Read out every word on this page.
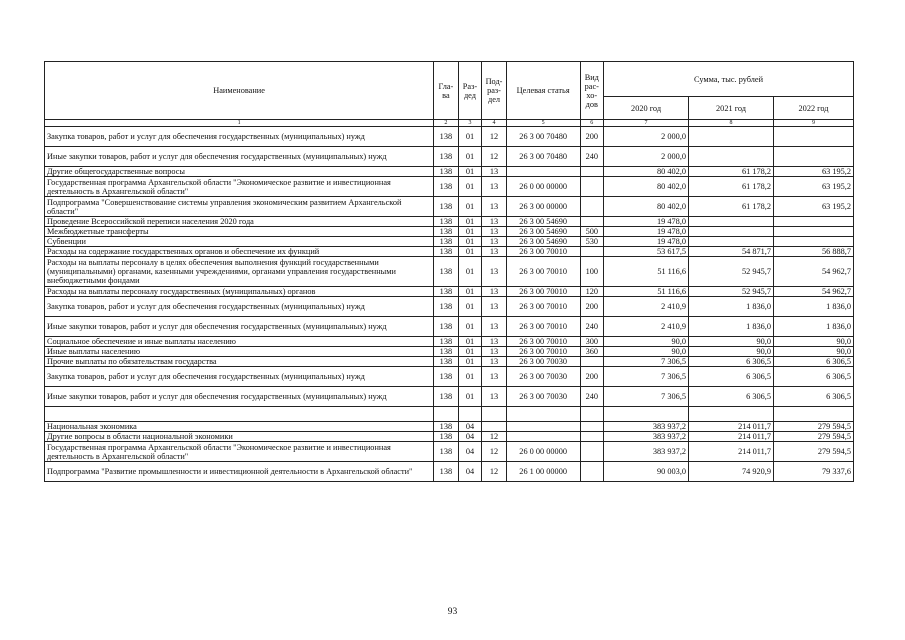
Наименование	Гла-ва	Раз-дед	Под-раз-дел	Целевая статья	Вид рас-хо-дов	Сумма, тыс. рублей		
						2020 год	2021 год	2022 год
1	2	3	4	5	6	7	8	9
Закупка товаров, работ и услуг для обеспечения государственных (муниципальных) нужд	138	01	12	26 3 00 70480	200	2 000,0		
Иные закупки товаров, работ и услуг для обеспечения государственных (муниципальных) нужд	138	01	12	26 3 00 70480	240	2 000,0		
Другие общегосударственные вопросы	138	01	13			80 402,0	61 178,2	63 195,2
Государственная программа Архангельской области "Экономическое развитие и инвестиционная деятельность в Архангельской области"	138	01	13	26 0 00 00000		80 402,0	61 178,2	63 195,2
Подпрограмма "Совершенствование системы управления экономическим развитием Архангельской области"	138	01	13	26 3 00 00000		80 402,0	61 178,2	63 195,2
Проведение Всероссийской переписи населения 2020 года	138	01	13	26 3 00 54690		19 478,0		
Межбюджетные трансферты	138	01	13	26 3 00 54690	500	19 478,0		
Субвенции	138	01	13	26 3 00 54690	530	19 478,0		
Расходы на содержание государственных органов и обеспечение их функций	138	01	13	26 3 00 70010		53 617,5	54 871,7	56 888,7
Расходы на выплаты персоналу в целях обеспечения выполнения функций государственными (муниципальными) органами, казенными учреждениями, органами управления государственными внебюджетными фондами	138	01	13	26 3 00 70010	100	51 116,6	52 945,7	54 962,7
Расходы на выплаты персоналу государственных (муниципальных) органов	138	01	13	26 3 00 70010	120	51 116,6	52 945,7	54 962,7
Закупка товаров, работ и услуг для обеспечения государственных (муниципальных) нужд	138	01	13	26 3 00 70010	200	2 410,9	1 836,0	1 836,0
Иные закупки товаров, работ и услуг для обеспечения государственных (муниципальных) нужд	138	01	13	26 3 00 70010	240	2 410,9	1 836,0	1 836,0
Социальное обеспечение и иные выплаты населению	138	01	13	26 3 00 70010	300	90,0	90,0	90,0
Иные выплаты населению	138	01	13	26 3 00 70010	360	90,0	90,0	90,0
Прочие выплаты по обязательствам государства	138	01	13	26 3 00 70030		7 306,5	6 306,5	6 306,5
Закупка товаров, работ и услуг для обеспечения государственных (муниципальных) нужд	138	01	13	26 3 00 70030	200	7 306,5	6 306,5	6 306,5
Иные закупки товаров, работ и услуг для обеспечения государственных (муниципальных) нужд	138	01	13	26 3 00 70030	240	7 306,5	6 306,5	6 306,5

Национальная экономика	138	04				383 937,2	214 011,7	279 594,5
Другие вопросы в области национальной экономики	138	04	12			383 937,2	214 011,7	279 594,5
Государственная программа Архангельской области "Экономическое развитие и инвестиционная деятельность в Архангельской области"	138	04	12	26 0 00 00000		383 937,2	214 011,7	279 594,5
Подпрограмма "Развитие промышленности и инвестиционной деятельности в Архангельской области"	138	04	12	26 1 00 00000		90 003,0	74 920,9	79 337,6
93
